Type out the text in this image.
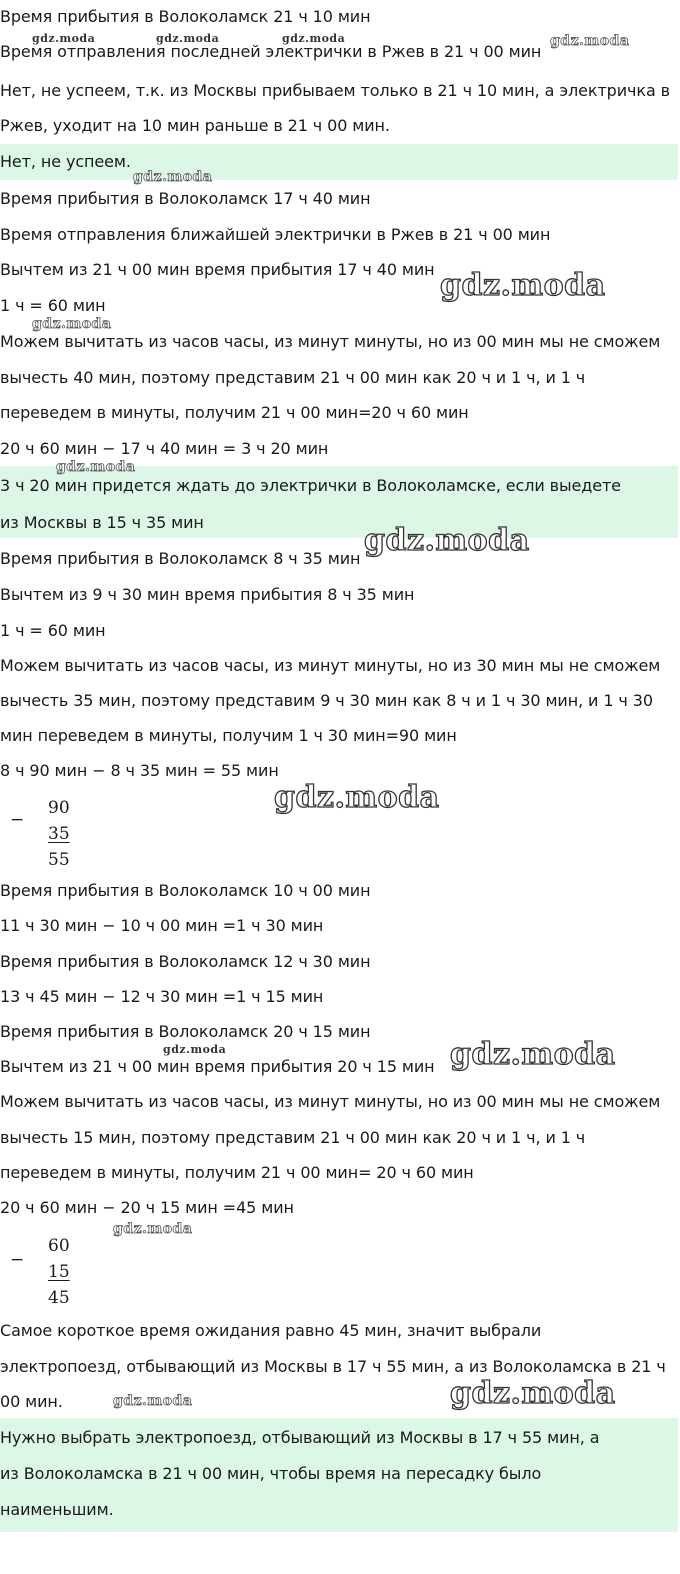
Время прибытия в Волоколамск 21 ч 10 мин
Время отправления последней электрички в Ржев в 21 ч 00 мин
Нет, не успеем, т.к. из Москвы прибываем только в 21 ч 10 мин, а электричка в
Ржев, уходит на 10 мин раньше в 21 ч 00 мин.
Нет, не успеем.
Время прибытия в Волоколамск 17 ч 40 мин
Время отправления ближайшей электрички в Ржев в 21 ч 00 мин
Вычтем из 21 ч 00 мин время прибытия 17 ч 40 мин
1 ч = 60 мин
Можем вычитать из часов часы, из минут минуты, но из 00 мин мы не сможем
вычесть 40 мин, поэтому представим 21 ч 00 мин как 20 ч и 1 ч, и 1 ч
переведем в минуты, получим 21 ч 00 мин=20 ч 60 мин
20 ч 60 мин − 17 ч 40 мин = 3 ч 20 мин
3 ч 20 мин придется ждать до электрички в Волоколамске, если выедете
из Москвы в 15 ч 35 мин
Время прибытия в Волоколамск 8 ч 35 мин
Вычтем из 9 ч 30 мин время прибытия 8 ч 35 мин
1 ч = 60 мин
Можем вычитать из часов часы, из минут минуты, но из 30 мин мы не сможем
вычесть 35 мин, поэтому представим 9 ч 30 мин как 8 ч и 1 ч 30 мин, и 1 ч 30
мин переведем в минуты, получим 1 ч 30 мин=90 мин
8 ч 90 мин − 8 ч 35 мин = 55 мин
−
90
35
55
Время прибытия в Волоколамск 10 ч 00 мин
11 ч 30 мин − 10 ч 00 мин =1 ч 30 мин
Время прибытия в Волоколамск 12 ч 30 мин
13 ч 45 мин − 12 ч 30 мин =1 ч 15 мин
Время прибытия в Волоколамск 20 ч 15 мин
Вычтем из 21 ч 00 мин время прибытия 20 ч 15 мин
Можем вычитать из часов часы, из минут минуты, но из 00 мин мы не сможем
вычесть 15 мин, поэтому представим 21 ч 00 мин как 20 ч и 1 ч, и 1 ч
переведем в минуты, получим 21 ч 00 мин= 20 ч 60 мин
20 ч 60 мин − 20 ч 15 мин =45 мин
−
60
15
45
Самое короткое время ожидания равно 45 мин, значит выбрали
электропоезд, отбывающий из Москвы в 17 ч 55 мин, а из Волоколамска в 21 ч
00 мин.
Нужно выбрать электропоезд, отбывающий из Москвы в 17 ч 55 мин, а
из Волоколамска в 21 ч 00 мин, чтобы время на пересадку было
наименьшим.
gdz.moda	gdz.moda	gdz.moda	gdz.moda
gdz.moda
gdz.moda
gdz.moda
gdz.moda
gdz.moda
gdz.moda
gdz.moda	gdz.moda
gdz.moda
gdz.moda	gdz.moda
